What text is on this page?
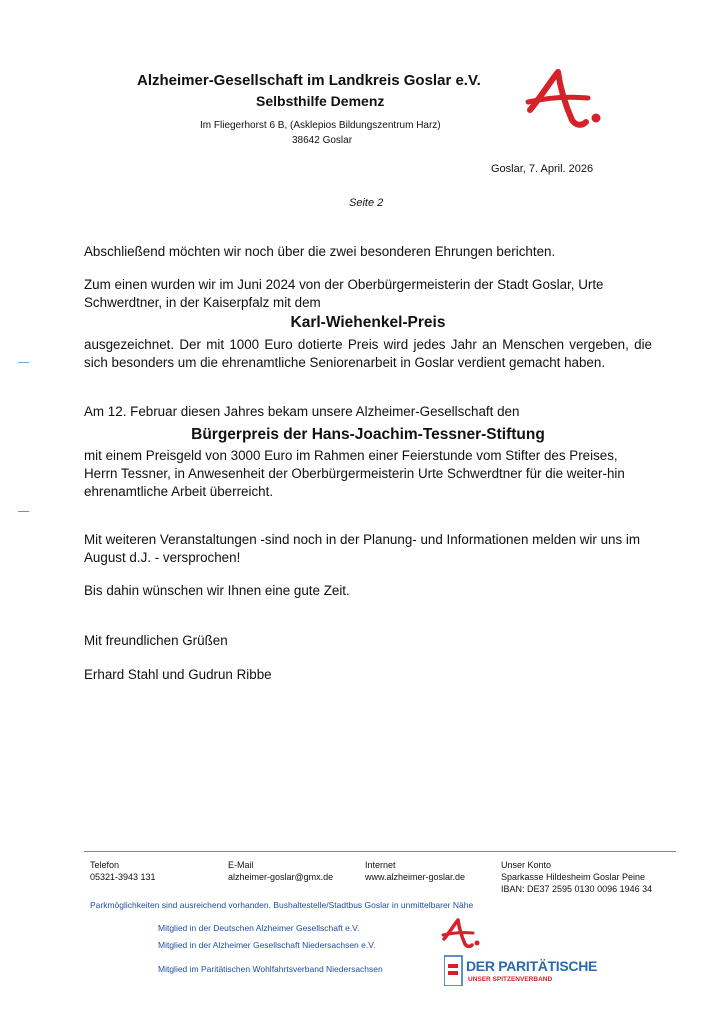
Alzheimer-Gesellschaft im Landkreis Goslar e.V.
Selbsthilfe Demenz
Im Fliegerhorst 6 B, (Asklepios Bildungszentrum Harz)
38642 Goslar
Goslar, 7. April. 2026
Seite 2
Abschließend möchten wir noch über die zwei besonderen Ehrungen berichten.
Zum einen wurden wir im Juni 2024 von der Oberbürgermeisterin der Stadt Goslar, Urte Schwerdtner, in der Kaiserpfalz mit dem
Karl-Wiehenkel-Preis
ausgezeichnet. Der mit 1000 Euro dotierte Preis wird jedes Jahr an Menschen vergeben, die sich besonders um die ehrenamtliche Seniorenarbeit in Goslar verdient gemacht haben.
Am 12. Februar diesen Jahres bekam unsere Alzheimer-Gesellschaft den
Bürgerpreis der Hans-Joachim-Tessner-Stiftung
mit einem Preisgeld von 3000 Euro im Rahmen einer Feierstunde vom Stifter des Preises, Herrn Tessner, in Anwesenheit der Oberbürgermeisterin Urte Schwerdtner für die weiter-hin ehrenamtliche Arbeit überreicht.
Mit weiteren Veranstaltungen -sind noch in der Planung- und Informationen melden wir uns im August d.J. - versprochen!
Bis dahin wünschen wir Ihnen eine gute Zeit.
Mit freundlichen Grüßen
Erhard Stahl und Gudrun Ribbe
Telefon
05321-3943 131
E-Mail
alzheimer-goslar@gmx.de
Internet
www.alzheimer-goslar.de
Unser Konto
Sparkasse Hildesheim Goslar Peine
IBAN: DE37 2595 0130 0096 1946 34
Parkmöglichkeiten sind ausreichend vorhanden. Bushaltestelle/Stadtbus Goslar in unmittelbarer Nähe
Mitglied in der Deutschen Alzheimer Gesellschaft e.V.
Mitglied in der Alzheimer Gesellschaft Niedersachsen e.V.
Mitglied im Paritätischen Wohlfahrtsverband Niedersachsen	DER PARITÄTISCHE
UNSER SPITZENVERBAND
